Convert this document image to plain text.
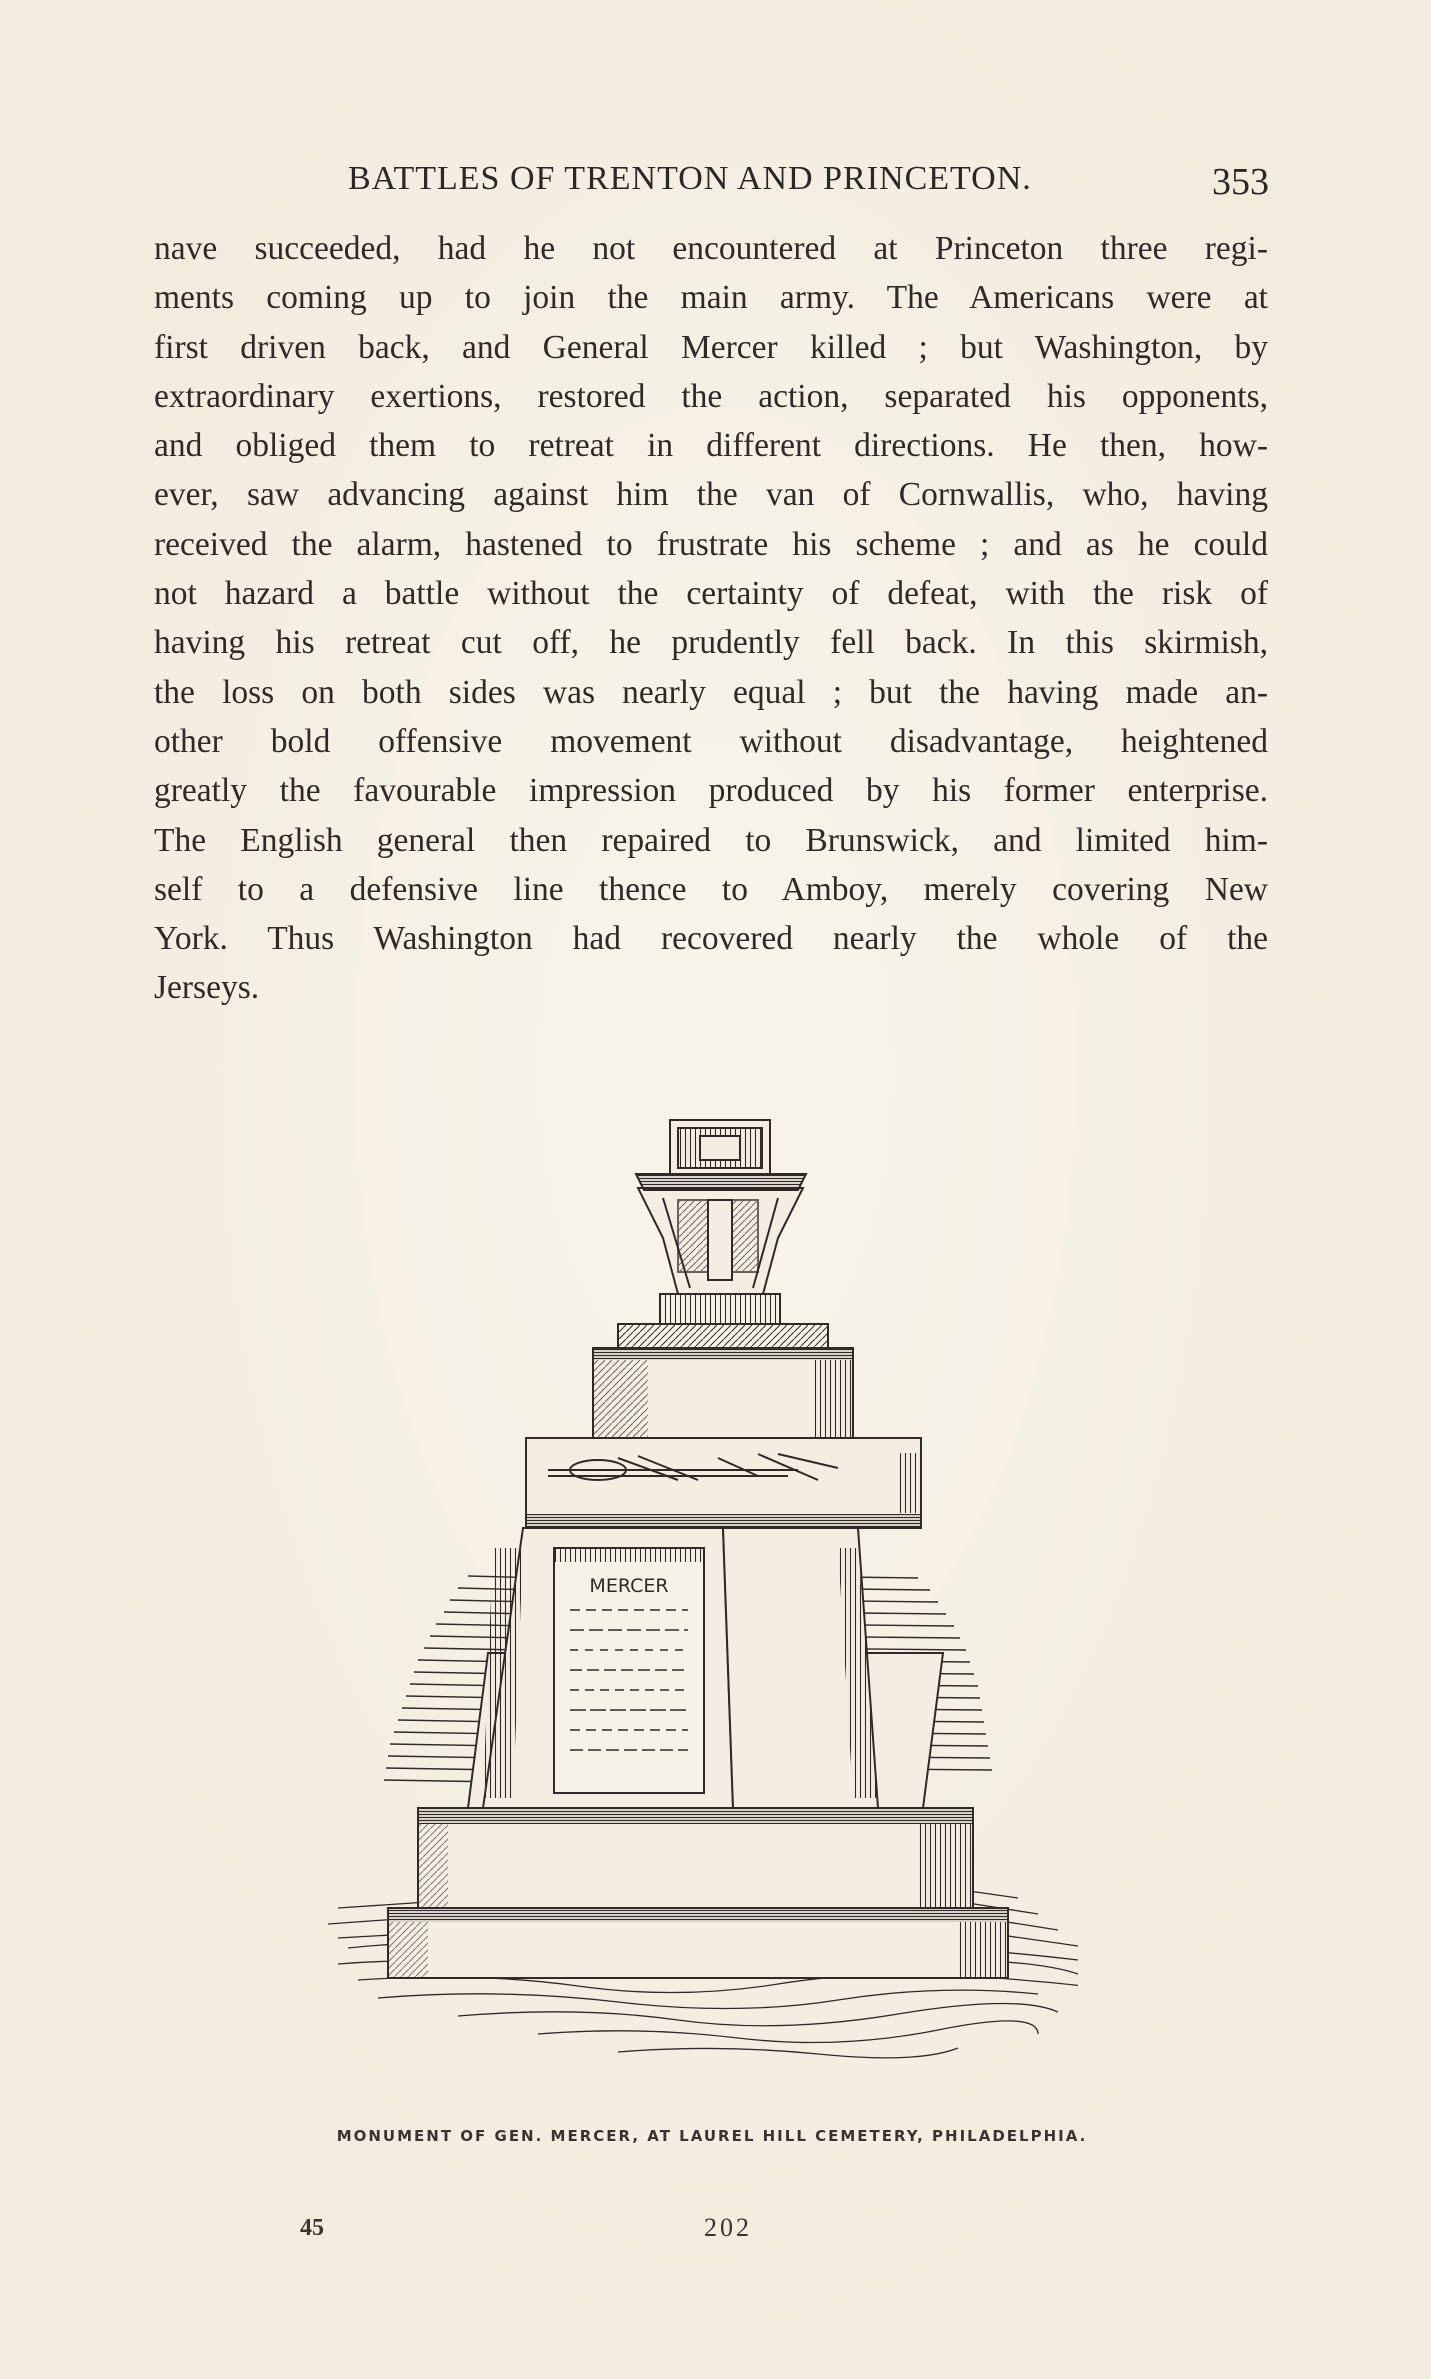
BATTLES OF TRENTON AND PRINCETON.	353
nave succeeded, had he not encountered at Princeton three regi-
ments coming up to join the main army. The Americans were at
first driven back, and General Mercer killed ; but Washington, by
extraordinary exertions, restored the action, separated his opponents,
and obliged them to retreat in different directions. He then, how-
ever, saw advancing against him the van of Cornwallis, who, having
received the alarm, hastened to frustrate his scheme ; and as he could
not hazard a battle without the certainty of defeat, with the risk of
having his retreat cut off, he prudently fell back. In this skirmish,
the loss on both sides was nearly equal ; but the having made an-
other bold offensive movement without disadvantage, heightened
greatly the favourable impression produced by his former enterprise.
The English general then repaired to Brunswick, and limited him-
self to a defensive line thence to Amboy, merely covering New
York. Thus Washington had recovered nearly the whole of the
Jerseys.
MERCER
MONUMENT OF GEN. MERCER, AT LAUREL HILL CEMETERY, PHILADELPHIA.
45	202
